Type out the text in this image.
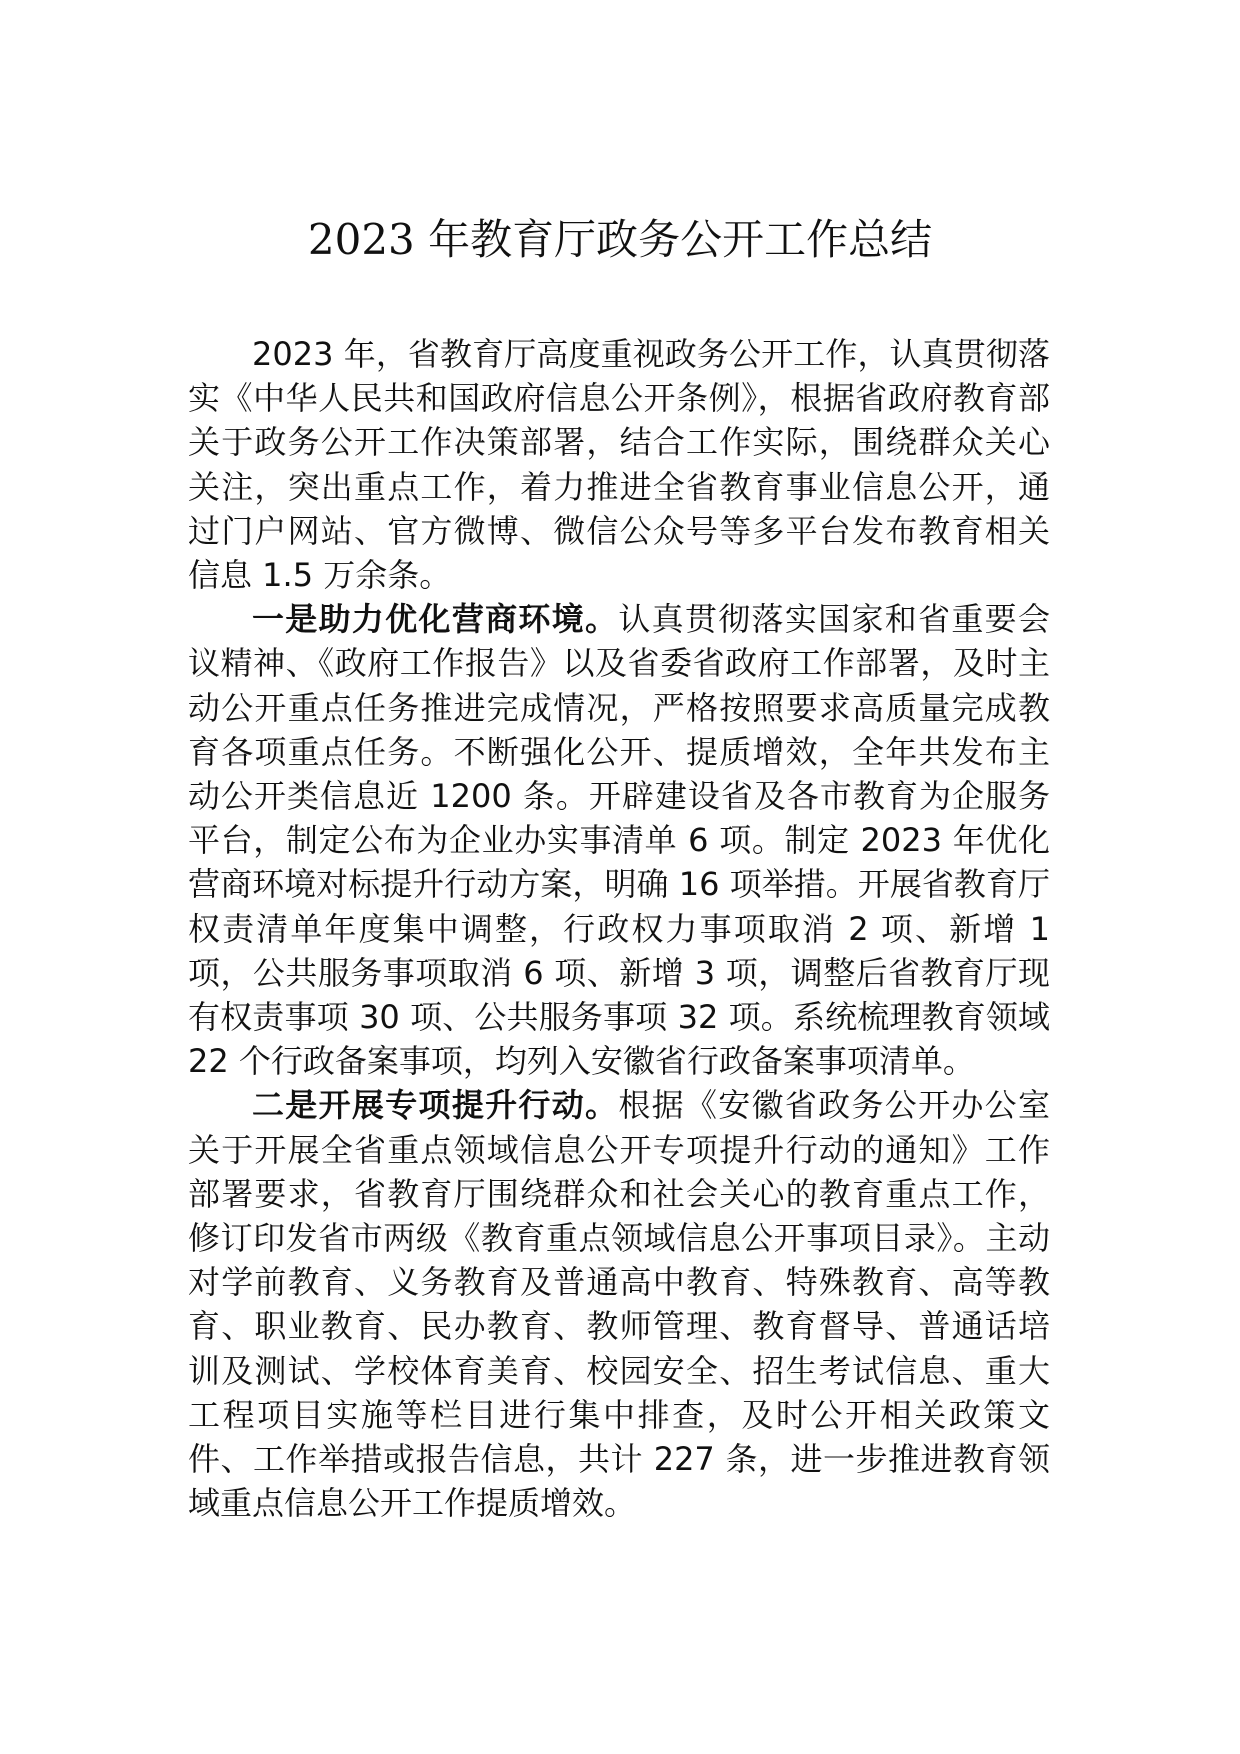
2023 年教育厅政务公开工作总结

2023 年，省教育厅高度重视政务公开工作，认真贯彻落实《中华人民共和国政府信息公开条例》，根据省政府教育部关于政务公开工作决策部署，结合工作实际，围绕群众关心关注，突出重点工作，着力推进全省教育事业信息公开，通过门户网站、官方微博、微信公众号等多平台发布教育相关信息 1.5 万余条。

一是助力优化营商环境。认真贯彻落实国家和省重要会议精神、《政府工作报告》以及省委省政府工作部署，及时主动公开重点任务推进完成情况，严格按照要求高质量完成教育各项重点任务。不断强化公开、提质增效，全年共发布主动公开类信息近 1200 条。开辟建设省及各市教育为企服务平台，制定公布为企业办实事清单 6 项。制定 2023 年优化营商环境对标提升行动方案，明确 16 项举措。开展省教育厅权责清单年度集中调整，行政权力事项取消 2 项、新增 1 项，公共服务事项取消 6 项、新增 3 项，调整后省教育厅现有权责事项 30 项、公共服务事项 32 项。系统梳理教育领域 22 个行政备案事项，均列入安徽省行政备案事项清单。

二是开展专项提升行动。根据《安徽省政务公开办公室关于开展全省重点领域信息公开专项提升行动的通知》工作部署要求，省教育厅围绕群众和社会关心的教育重点工作，修订印发省市两级《教育重点领域信息公开事项目录》。主动对学前教育、义务教育及普通高中教育、特殊教育、高等教育、职业教育、民办教育、教师管理、教育督导、普通话培训及测试、学校体育美育、校园安全、招生考试信息、重大工程项目实施等栏目进行集中排查，及时公开相关政策文件、工作举措或报告信息，共计 227 条，进一步推进教育领域重点信息公开工作提质增效。
